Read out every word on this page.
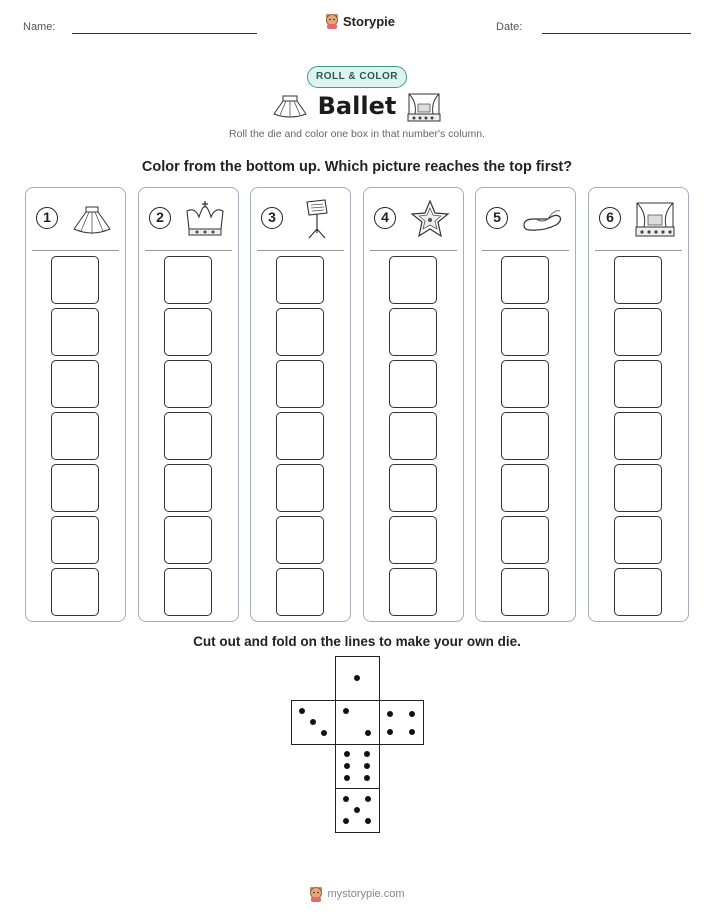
Name:	Storypie	Date:
ROLL & COLOR
Ballet
Roll the die and color one box in that number's column.
Color from the bottom up. Which picture reaches the top first?
1	2	3	4	5	6
Cut out and fold on the lines to make your own die.
mystorypie.com
